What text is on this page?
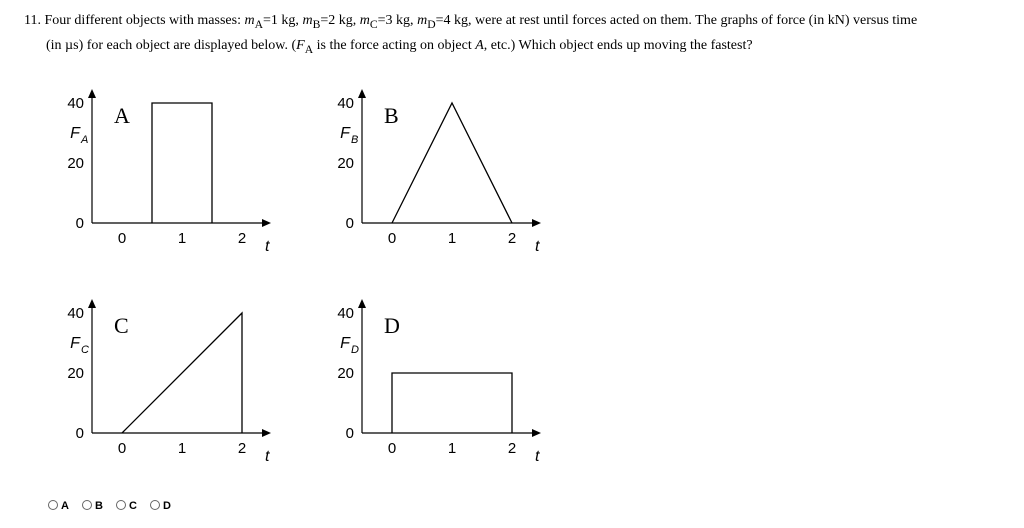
11. Four different objects with masses: $m_A=1$ kg, $m_B=2$ kg, $m_C=3$ kg, $m_D=4$ kg, were at rest until forces acted on them. The graphs of force (in kN) versus time
(in µs) for each object are displayed below. ($F_A$ is the force acting on object A, etc.) Which object ends up moving the fastest?
0
20
40
F A
0	1	2 t
A
0
20
40
F B
0	1	2 t
B
0
20
40
F C
0	1	2 t
C
0
20
40
F D
0	1	2 t
D
A B C D
